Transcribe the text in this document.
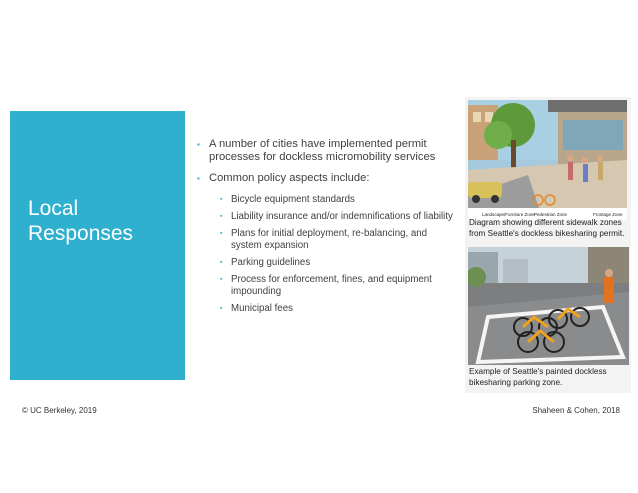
Local Responses
▪ A number of cities have implemented permit processes for dockless micromobility services
▪ Common policy aspects include:
▪ Bicycle equipment standards
▪ Liability insurance and/or indemnifications of liability
▪ Plans for initial deployment, re-balancing, and system expansion
▪ Parking guidelines
▪ Process for enforcement, fines, and equipment impounding
▪ Municipal fees
Landscape/Furniture Zone Pedestrian Zone	Frontage Zone
Diagram showing different sidewalk zones from Seattle's dockless bikesharing permit.
Example of Seattle's painted dockless bikesharing parking zone.
© UC Berkeley, 2019	Shaheen & Cohen, 2018
